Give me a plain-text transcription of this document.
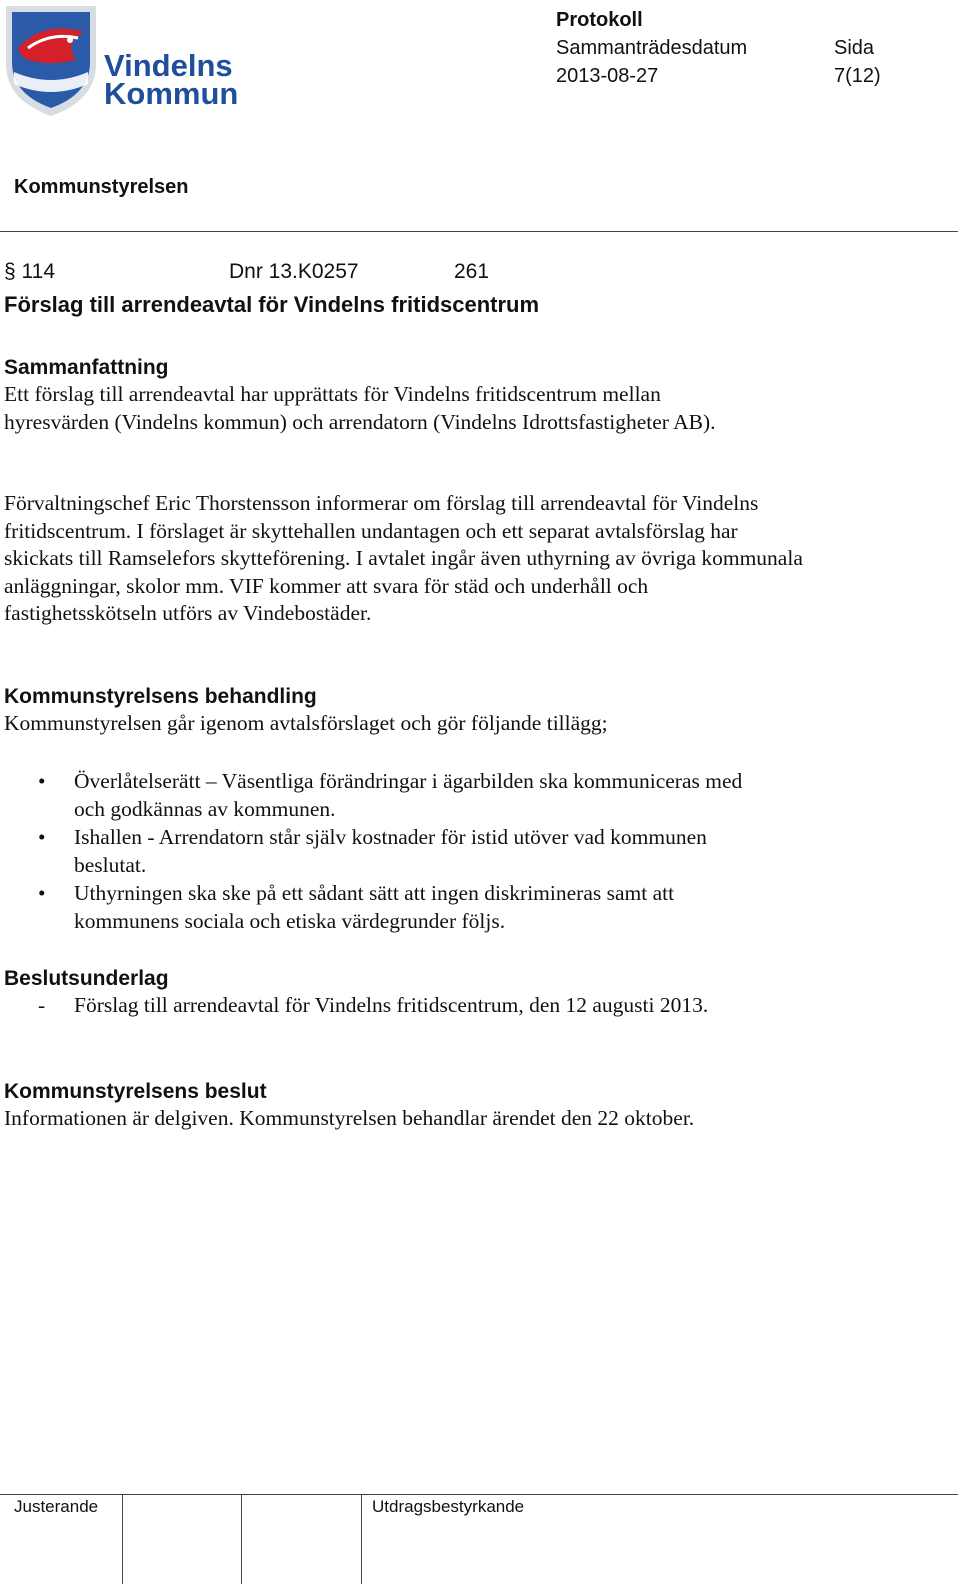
Vindelns
Kommun
Protokoll
Sammanträdesdatum	Sida
2013-08-27	7(12)
Kommunstyrelsen
§ 114	Dnr 13.K0257	261
Förslag till arrendeavtal för Vindelns fritidscentrum
Sammanfattning

Ett förslag till arrendeavtal har upprättats för Vindelns fritidscentrum mellan hyresvärden (Vindelns kommun) och arrendatorn (Vindelns Idrottsfastigheter AB).

Förvaltningschef Eric Thorstensson informerar om förslag till arrendeavtal för Vindelns fritidscentrum. I förslaget är skyttehallen undantagen och ett separat avtalsförslag har skickats till Ramselefors skytteförening. I avtalet ingår även uthyrning av övriga kommunala anläggningar, skolor mm. VIF kommer att svara för städ och underhåll och fastighetsskötseln utförs av Vindebostäder.

Kommunstyrelsens behandling

Kommunstyrelsen går igenom avtalsförslaget och gör följande tillägg;

• Överlåtelserätt – Väsentliga förändringar i ägarbilden ska kommuniceras med och godkännas av kommunen.
• Ishallen - Arrendatorn står själv kostnader för istid utöver vad kommunen beslutat.
• Uthyrningen ska ske på ett sådant sätt att ingen diskrimineras samt att kommunens sociala och etiska värdegrunder följs.
Beslutsunderlag
- Förslag till arrendeavtal för Vindelns fritidscentrum, den 12 augusti 2013.
Kommunstyrelsens beslut

Informationen är delgiven. Kommunstyrelsen behandlar ärendet den 22 oktober.

Justerande	Utdragsbestyrkande
